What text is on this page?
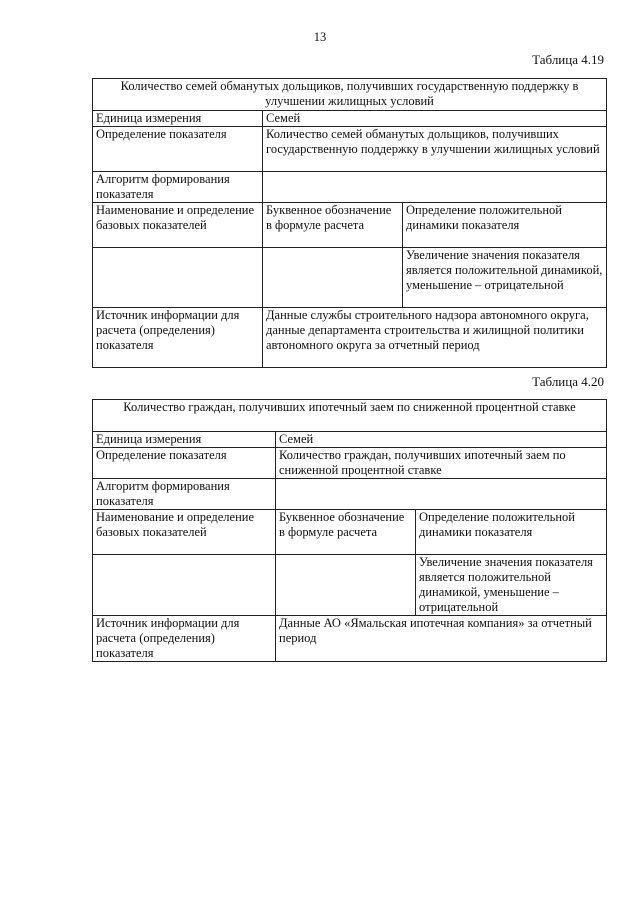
13
Таблица 4.19
Количество семей обманутых дольщиков, получивших государственную поддержку в улучшении жилищных условий		
Единица измерения	Семей	
Определение показателя	Количество семей обманутых дольщиков, получивших государственную поддержку в улучшении жилищных условий	
Алгоритм формирования показателя		
Наименование и определение базовых показателей	Буквенное обозначение в формуле расчета	Определение положительной динамики показателя
		Увеличение значения показателя является положительной динамикой, уменьшение – отрицательной
Источник информации для расчета (определения) показателя	Данные службы строительного надзора автономного округа, данные департамента строительства и жилищной политики автономного округа за отчетный период	
Таблица 4.20
Количество граждан, получивших ипотечный заем по сниженной процентной ставке		
Единица измерения	Семей	
Определение показателя	Количество граждан, получивших ипотечный заем по сниженной процентной ставке	
Алгоритм формирования показателя		
Наименование и определение базовых показателей	Буквенное обозначение в формуле расчета	Определение положительной динамики показателя
		Увеличение значения показателя является положительной динамикой, уменьшение – отрицательной
Источник информации для расчета (определения) показателя	Данные АО «Ямальская ипотечная компания» за отчетный период	
